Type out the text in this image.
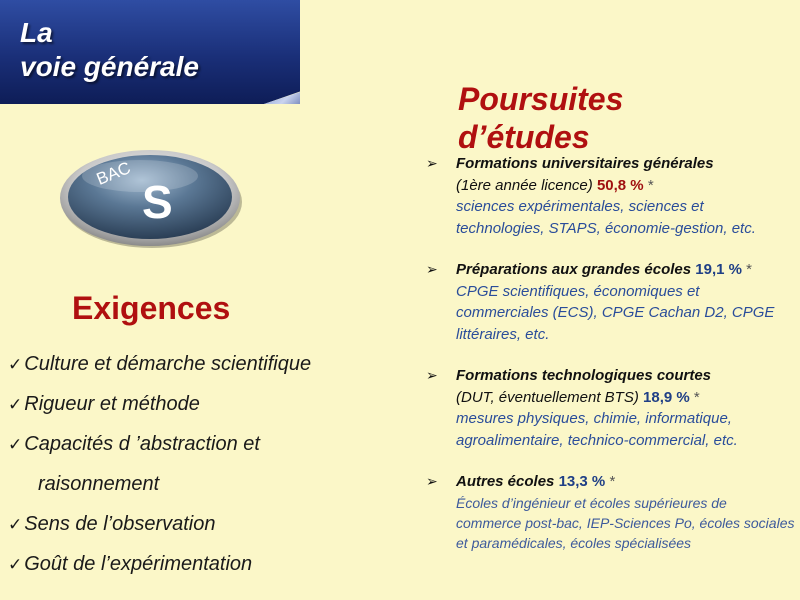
La
voie générale
BAC
S
Exigences
✓ Culture et démarche scientifique
✓ Rigueur et méthode
✓ Capacités d ’abstraction et
raisonnement
✓ Sens de l’observation
✓ Goût de l’expérimentation
Poursuites
d’études
➢ Formations universitaires générales
(1ère année licence) 50,8 % *
sciences expérimentales, sciences et technologies, STAPS, économie-gestion, etc.
➢ Préparations aux grandes écoles 19,1 % *
CPGE scientifiques, économiques et commerciales (ECS), CPGE Cachan D2, CPGE littéraires, etc.
➢ Formations technologiques courtes
(DUT, éventuellement BTS) 18,9 % *
mesures physiques, chimie, informatique, agroalimentaire, technico-commercial, etc.
➢ Autres écoles 13,3 % *
Écoles d’ingénieur et écoles supérieures de commerce post-bac, IEP-Sciences Po, écoles sociales et paramédicales, écoles spécialisées
